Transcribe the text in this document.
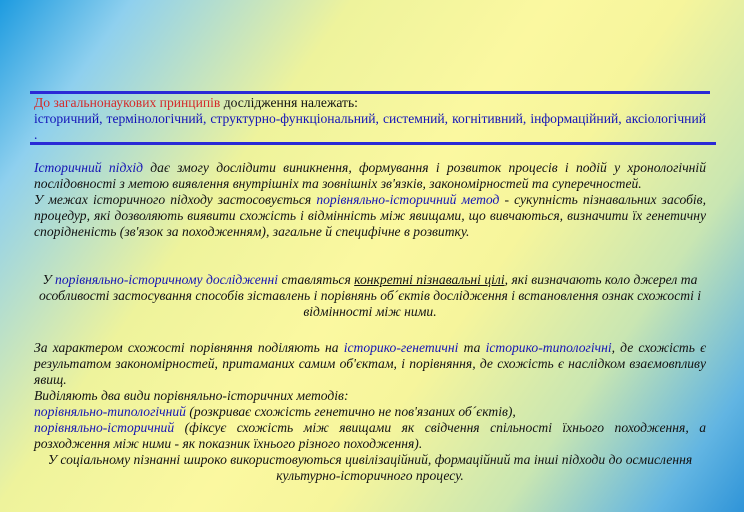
До загальнонаукових принципів дослідження належать:
історичний, термінологічний, структурно-функціональний, системний, когнітивний, інформаційний, аксіологічний .
Історичний підхід дає змогу дослідити виникнення, формування і розвиток процесів і подій у хронологічній послідовності з метою виявлення внутрішніх та зовнішніх зв'язків, закономірностей та суперечностей.
У межах історичного підходу застосовується порівняльно-історичний метод - сукупність пізнавальних засобів, процедур, які дозволяють виявити схожість і відмінність між явищами, що вивчаються, визначити їх генетичну спорідненість (зв'язок за походженням), загальне й специфічне в розвитку.
У порівняльно-історичному дослідженні ставляться конкретні пізнавальні цілі, які визначають коло джерел та особливості застосування способів зіставлень і порівнянь об´єктів дослідження і встановлення ознак схожості і відмінності між ними.
За характером схожості порівняння поділяють на історико-генетичні та історико-типологічні, де схожість є результатом закономірностей, притаманих самим об'єктам, і порівняння, де схожість є наслідком взаємовпливу явищ.
Виділяють два види порівняльно-історичних методів:
порівняльно-типологічний (розкриває схожість генетично не пов'язаних об´єктів),
порівняльно-історичний (фіксує схожість між явищами як свідчення спільності їхнього походження, а розходження між ними - як показник їхнього різного походження).
У соціальному пізнанні широко використовуються цивілізаційний, формаційний та інші підходи до осмислення культурно-історичного процесу.
